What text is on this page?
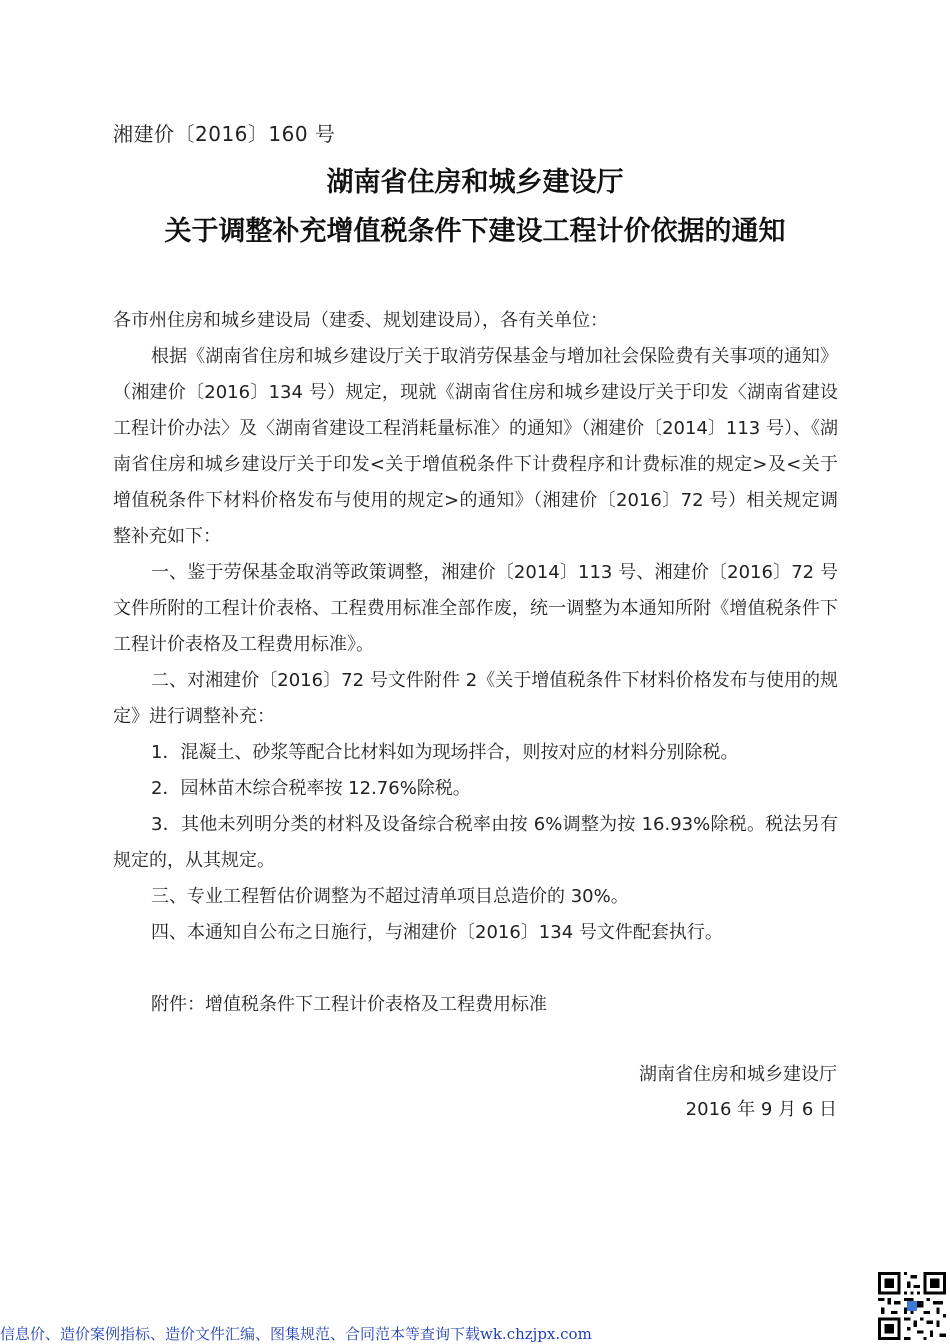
湘建价〔2016〕160 号
湖南省住房和城乡建设厅
关于调整补充增值税条件下建设工程计价依据的通知

各市州住房和城乡建设局（建委、规划建设局），各有关单位：

根据《湖南省住房和城乡建设厅关于取消劳保基金与增加社会保险费有关事项的通知》（湘建价〔2016〕134 号）规定，现就《湖南省住房和城乡建设厅关于印发〈湖南省建设工程计价办法〉及〈湖南省建设工程消耗量标准〉的通知》（湘建价〔2014〕113 号）、《湖南省住房和城乡建设厅关于印发<关于增值税条件下计费程序和计费标准的规定>及<关于增值税条件下材料价格发布与使用的规定>的通知》（湘建价〔2016〕72 号）相关规定调整补充如下：

一、鉴于劳保基金取消等政策调整，湘建价〔2014〕113 号、湘建价〔2016〕72 号文件所附的工程计价表格、工程费用标准全部作废，统一调整为本通知所附《增值税条件下工程计价表格及工程费用标准》。

二、对湘建价〔2016〕72 号文件附件 2《关于增值税条件下材料价格发布与使用的规定》进行调整补充：

1．混凝土、砂浆等配合比材料如为现场拌合，则按对应的材料分别除税。

2．园林苗木综合税率按 12.76%除税。

3．其他未列明分类的材料及设备综合税率由按 6%调整为按 16.93%除税。税法另有规定的，从其规定。

三、专业工程暂估价调整为不超过清单项目总造价的 30%。

四、本通知自公布之日施行，与湘建价〔2016〕134 号文件配套执行。

附件：增值税条件下工程计价表格及工程费用标准

湖南省住房和城乡建设厅
2016 年 9 月 6 日
信息价、造价案例指标、造价文件汇编、图集规范、合同范本等查询下载wk.chzjpx.com
